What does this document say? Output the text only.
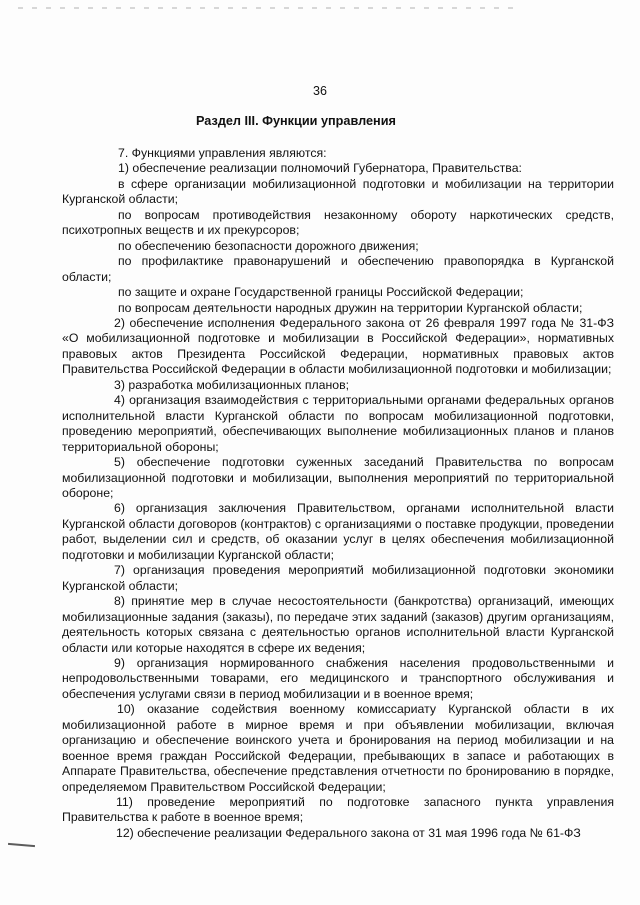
36
Раздел III. Функции управления

7. Функциями управления являются:

1) обеспечение реализации полномочий Губернатора, Правительства:

в сфере организации мобилизационной подготовки и мобилизации на территории Курганской области;

по вопросам противодействия незаконному обороту наркотических средств, психотропных веществ и их прекурсоров;

по обеспечению безопасности дорожного движения;

по профилактике правонарушений и обеспечению правопорядка в Курганской области;

по защите и охране Государственной границы Российской Федерации;

по вопросам деятельности народных дружин на территории Курганской области;

2) обеспечение исполнения Федерального закона от 26 февраля 1997 года № 31-ФЗ «О мобилизационной подготовке и мобилизации в Российской Федерации», нормативных правовых актов Президента Российской Федерации, нормативных правовых актов Правительства Российской Федерации в области мобилизационной подготовки и мобилизации;

3) разработка мобилизационных планов;

4) организация взаимодействия с территориальными органами федеральных органов исполнительной власти Курганской области по вопросам мобилизационной подготовки, проведению мероприятий, обеспечивающих выполнение мобилизационных планов и планов территориальной обороны;

5) обеспечение подготовки суженных заседаний Правительства по вопросам мобилизационной подготовки и мобилизации, выполнения мероприятий по территориальной обороне;

6) организация заключения Правительством, органами исполнительной власти Курганской области договоров (контрактов) с организациями о поставке продукции, проведении работ, выделении сил и средств, об оказании услуг в целях обеспечения мобилизационной подготовки и мобилизации Курганской области;

7) организация проведения мероприятий мобилизационной подготовки экономики Курганской области;

8) принятие мер в случае несостоятельности (банкротства) организаций, имеющих мобилизационные задания (заказы), по передаче этих заданий (заказов) другим организациям, деятельность которых связана с деятельностью органов исполнительной власти Курганской области или которые находятся в сфере их ведения;

9) организация нормированного снабжения населения продовольственными и непродовольственными товарами, его медицинского и транспортного обслуживания и обеспечения услугами связи в период мобилизации и в военное время;

10) оказание содействия военному комиссариату Курганской области в их мобилизационной работе в мирное время и при объявлении мобилизации, включая организацию и обеспечение воинского учета и бронирования на период мобилизации и на военное время граждан Российской Федерации, пребывающих в запасе и работающих в Аппарате Правительства, обеспечение представления отчетности по бронированию в порядке, определяемом Правительством Российской Федерации;

11) проведение мероприятий по подготовке запасного пункта управления Правительства к работе в военное время;

12) обеспечение реализации Федерального закона от 31 мая 1996 года № 61-ФЗ
